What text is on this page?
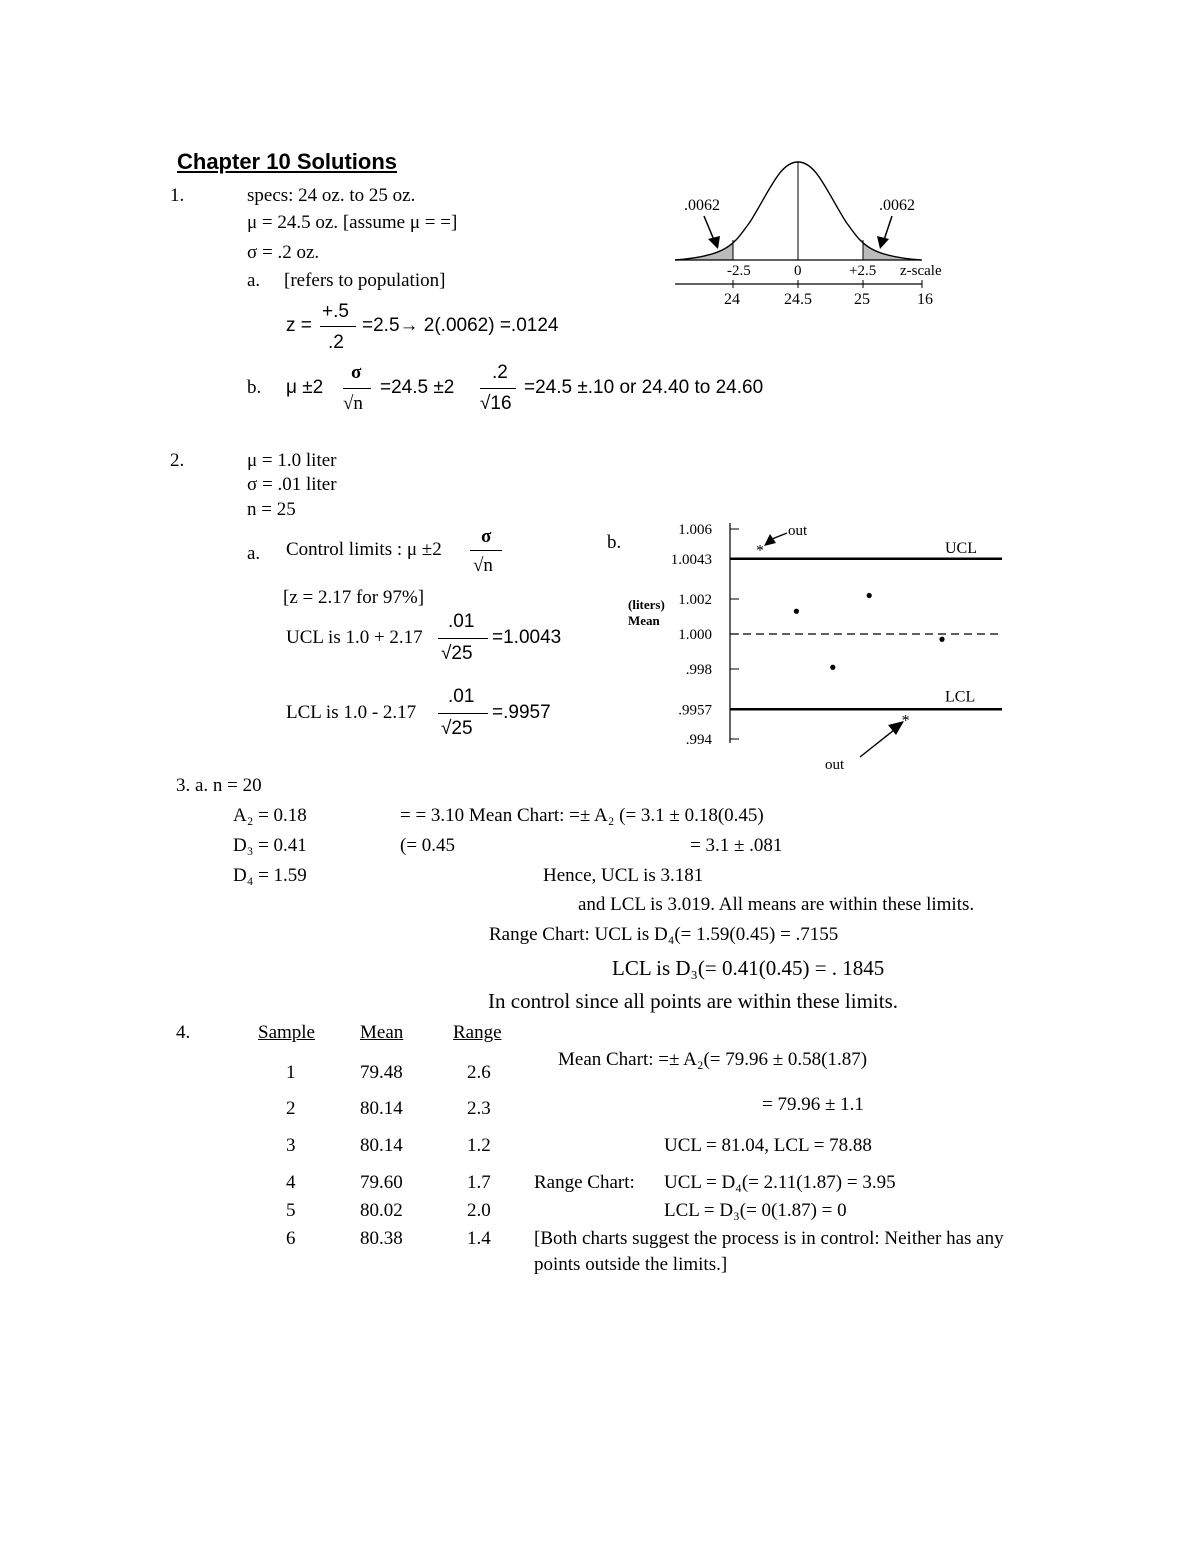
Chapter 10 Solutions
1.	specs: 24 oz. to 25 oz.
μ = 24.5 oz. [assume μ = =]
σ = .2 oz.
a. [refers to population]
z =
+.5
.2
=2.5→ 2(.0062) =.0124
b. μ ±2
σ
√n
=24.5 ±2
.2
√16
=24.5 ±.10 or 24.40 to 24.60
.0062	.0062
-2.5	0	+2.5 z-scale
24	24.5	25	16
2.	μ = 1.0 liter
σ = .01 liter
n = 25
a. Control limits : μ ±2
σ
√n
[z = 2.17 for 97%]
UCL is 1.0 + 2.17
.01
√25
=1.0043
LCL is 1.0 - 2.17
.01
√25
=.9957
b.
1.006
1.0043
1.002
1.000
.998
.9957
.994
UCL
LCL
(liters)
Mean
*
*
out
out
3. a. n = 20
A₂ = 0.18
D₃ = 0.41
D₄ = 1.59
= = 3.10 Mean Chart: =± A₂ (= 3.1 ± 0.18(0.45)
(= 0.45	= 3.1 ± .081
Hence, UCL is 3.181
and LCL is 3.019. All means are within these limits.
Range Chart: UCL is D₄(= 1.59(0.45) = .7155
LCL is D₃(= 0.41(0.45) = . 1845
In control since all points are within these limits.
4.	Sample Mean	Range
1	79.48	2.6
2	80.14	2.3
3	80.14	1.2
4	79.60	1.7
5	80.02	2.0
6	80.38	1.4
Mean Chart: =± A₂(= 79.96 ± 0.58(1.87)
= 79.96 ± 1.1
UCL = 81.04, LCL = 78.88
Range Chart: UCL = D₄(= 2.11(1.87) = 3.95
LCL = D₃(= 0(1.87) = 0
[Both charts suggest the process is in control: Neither has any
points outside the limits.]
